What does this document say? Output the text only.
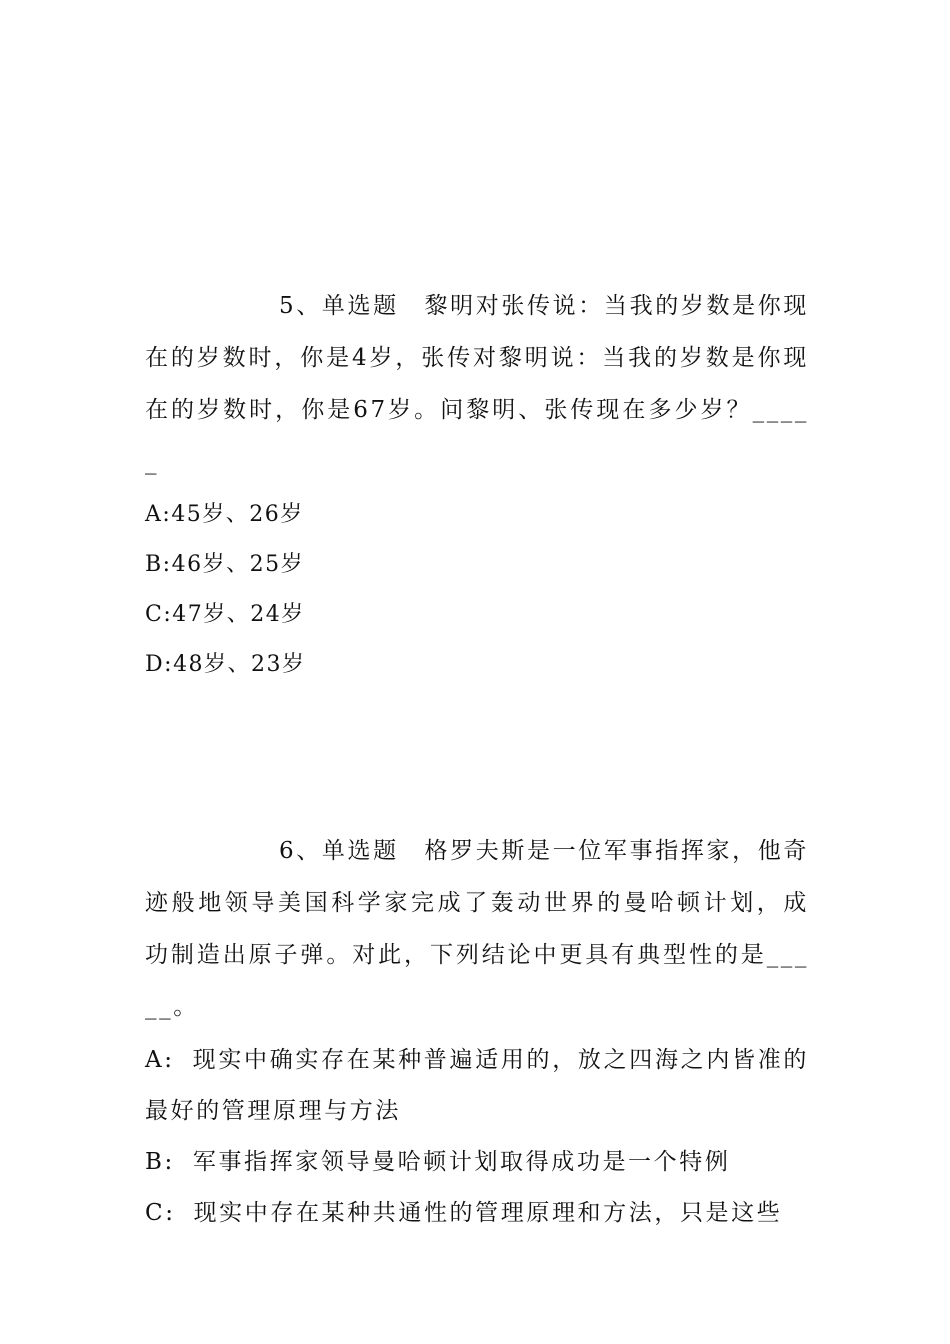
5、单选题　黎明对张传说：当我的岁数是你现在的岁数时，你是4岁，张传对黎明说：当我的岁数是你现在的岁数时，你是67岁。问黎明、张传现在多少岁？_____

A:45岁、26岁
B:46岁、25岁
C:47岁、24岁
D:48岁、23岁

6、单选题　格罗夫斯是一位军事指挥家，他奇迹般地领导美国科学家完成了轰动世界的曼哈顿计划，成功制造出原子弹。对此，下列结论中更具有典型性的是_____。

A: 现实中确实存在某种普遍适用的，放之四海之内皆准的最好的管理原理与方法
B: 军事指挥家领导曼哈顿计划取得成功是一个特例
C: 现实中存在某种共通性的管理原理和方法，只是这些
